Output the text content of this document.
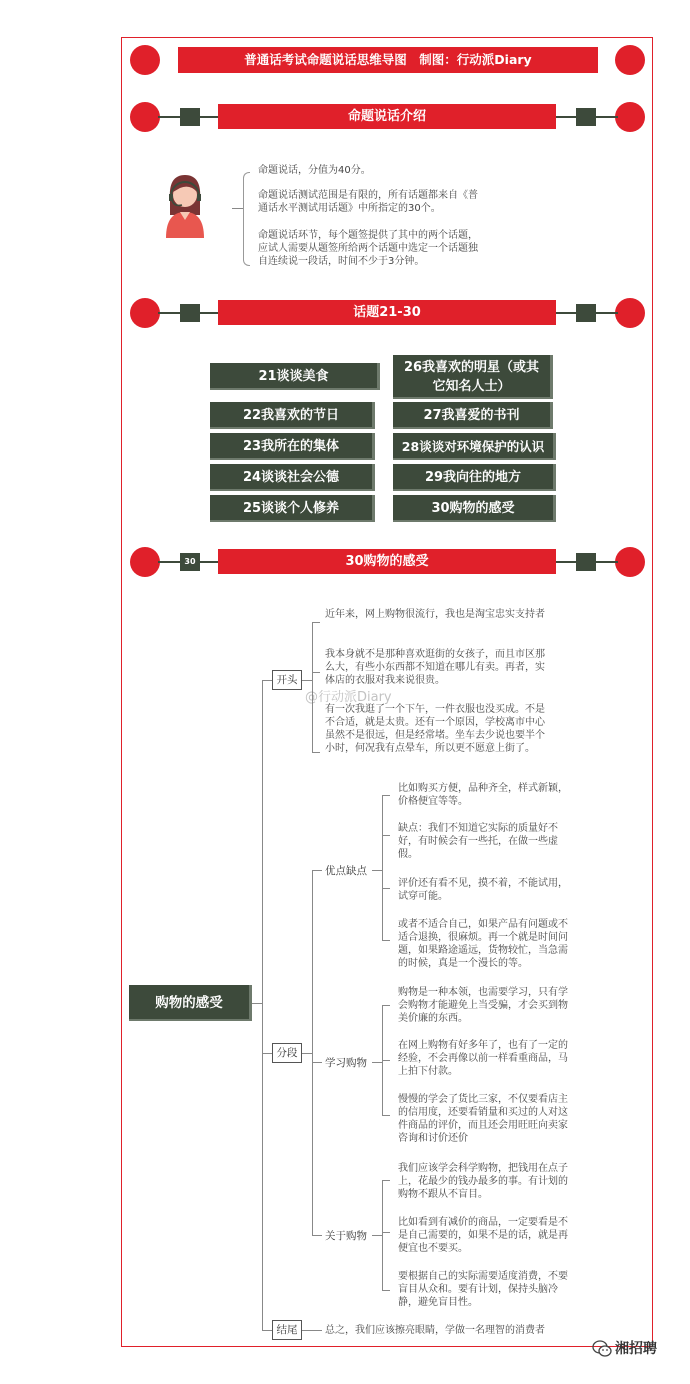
普通话考试命题说话思维导图　制图：行动派Diary
命题说话介绍
命题说话，分值为40分。
命题说话测试范围是有限的，所有话题都来自《普通话水平测试用话题》中所指定的30个。
命题说话环节，每个题签提供了其中的两个话题，应试人需要从题签所给两个话题中选定一个话题独自连续说一段话，时间不少于3分钟。
话题21-30
21谈谈美食
22我喜欢的节日
23我所在的集体
24谈谈社会公德
25谈谈个人修养
26我喜欢的明星（或其它知名人士）
27我喜爱的书刊
28谈谈对环境保护的认识
29我向往的地方
30购物的感受
30	30购物的感受
购物的感受
开头
近年来，网上购物很流行，我也是淘宝忠实支持者
我本身就不是那种喜欢逛街的女孩子，而且市区那么大，有些小东西都不知道在哪儿有卖。再者，实体店的衣服对我来说很贵。
有一次我逛了一个下午，一件衣服也没买成。不是不合适，就是太贵。还有一个原因，学校离市中心虽然不是很远，但是经常堵。坐车去少说也要半个小时，何况我有点晕车，所以更不愿意上街了。
分段
优点缺点
比如购买方便，品种齐全，样式新颖，价格便宜等等。
缺点：我们不知道它实际的质量好不好，有时候会有一些托，在做一些虚假。
评价还有看不见，摸不着，不能试用，试穿可能。
或者不适合自己，如果产品有问题或不适合退换，很麻烦。再一个就是时间问题，如果路途遥远，货物较忙，当急需的时候，真是一个漫长的等。
学习购物
购物是一种本领，也需要学习，只有学会购物才能避免上当受骗，才会买到物美价廉的东西。
在网上购物有好多年了，也有了一定的经验，不会再像以前一样看重商品，马上拍下付款。
慢慢的学会了货比三家，不仅要看店主的信用度，还要看销量和买过的人对这件商品的评价，而且还会用旺旺向卖家咨询和讨价还价
关于购物
我们应该学会科学购物，把钱用在点子上，花最少的钱办最多的事。有计划的购物不跟从不盲目。
比如看到有减价的商品，一定要看是不是自己需要的，如果不是的话，就是再便宜也不要买。
要根据自己的实际需要适度消费，不要盲目从众和。要有计划，保持头脑冷静，避免盲目性。
结尾	总之，我们应该擦亮眼睛，学做一名理智的消费者
@行动派Diary
湘招聘
